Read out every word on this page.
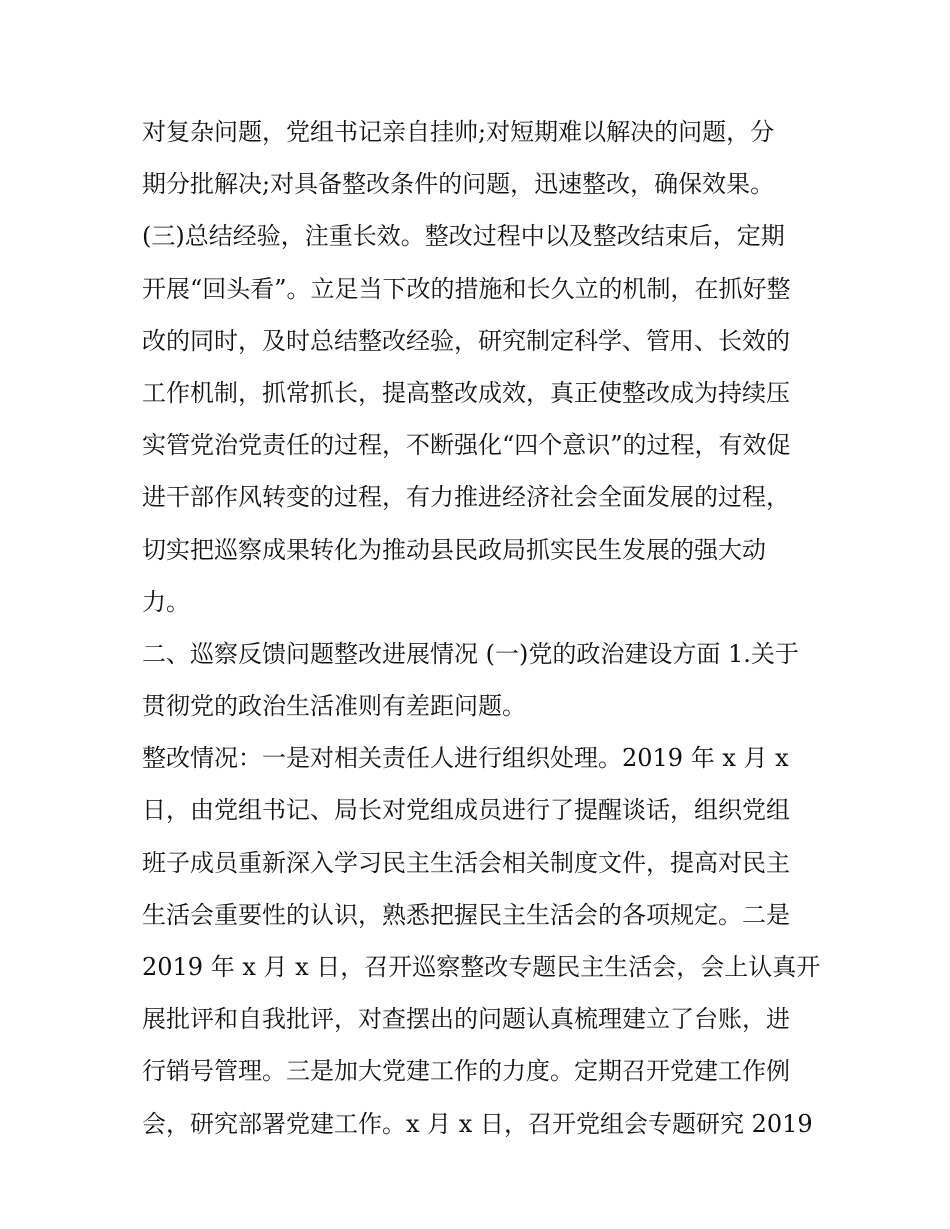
对复杂问题，党组书记亲自挂帅;对短期难以解决的问题，分
期分批解决;对具备整改条件的问题，迅速整改，确保效果。
(三)总结经验，注重长效。整改过程中以及整改结束后，定期
开展“回头看”。立足当下改的措施和长久立的机制，在抓好整
改的同时，及时总结整改经验，研究制定科学、管用、长效的
工作机制，抓常抓长，提高整改成效，真正使整改成为持续压
实管党治党责任的过程，不断强化“四个意识”的过程，有效促
进干部作风转变的过程，有力推进经济社会全面发展的过程，
切实把巡察成果转化为推动县民政局抓实民生发展的强大动
力。
二、巡察反馈问题整改进展情况 (一)党的政治建设方面 1.关于
贯彻党的政治生活准则有差距问题。
整改情况：一是对相关责任人进行组织处理。2019 年 x 月 x
日，由党组书记、局长对党组成员进行了提醒谈话，组织党组
班子成员重新深入学习民主生活会相关制度文件，提高对民主
生活会重要性的认识，熟悉把握民主生活会的各项规定。二是
2019 年 x 月 x 日，召开巡察整改专题民主生活会，会上认真开
展批评和自我批评，对查摆出的问题认真梳理建立了台账，进
行销号管理。三是加大党建工作的力度。定期召开党建工作例
会，研究部署党建工作。x 月 x 日，召开党组会专题研究 2019
